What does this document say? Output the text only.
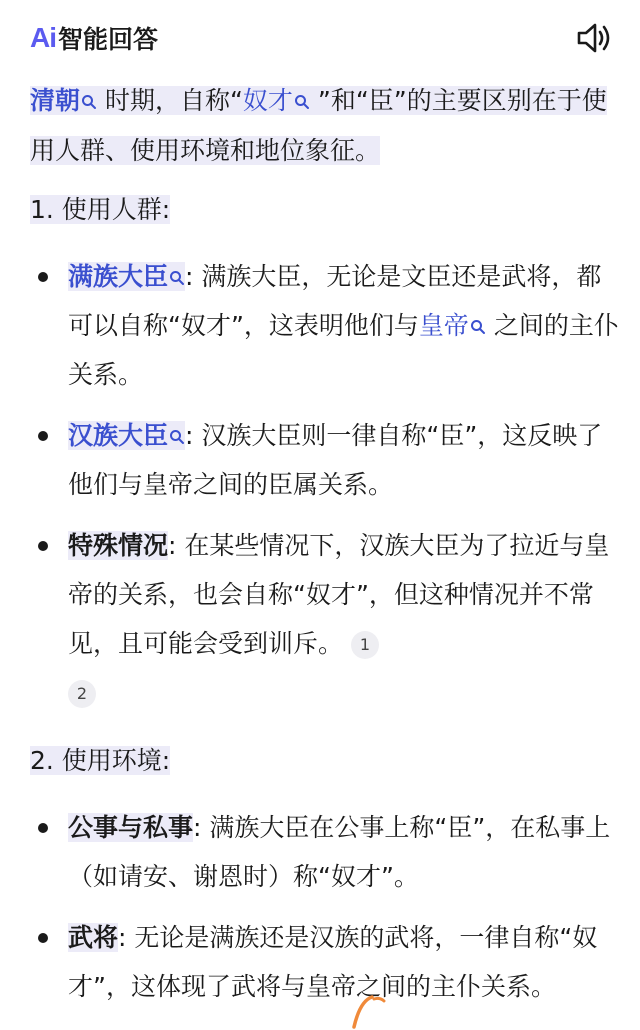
Ai 智能回答

清朝 时期，自称“奴才 ”和“臣”的主要区别在于使用人群、使用环境和地位象征。

1. 使用人群:

满族大臣 : 满族大臣，无论是文臣还是武将，都可以自称“奴才”，这表明他们与皇帝 之间的主仆关系。
汉族大臣 : 汉族大臣则一律自称“臣”，这反映了他们与皇帝之间的臣属关系。
特殊情况: 在某些情况下，汉族大臣为了拉近与皇帝的关系，也会自称“奴才”，但这种情况并不常见，且可能会受到训斥。 1
2

2. 使用环境:

公事与私事: 满族大臣在公事上称“臣”，在私事上（如请安、谢恩时）称“奴才”。
武将: 无论是满族还是汉族的武将，一律自称“奴才”，这体现了武将与皇帝之间的主仆关系。
